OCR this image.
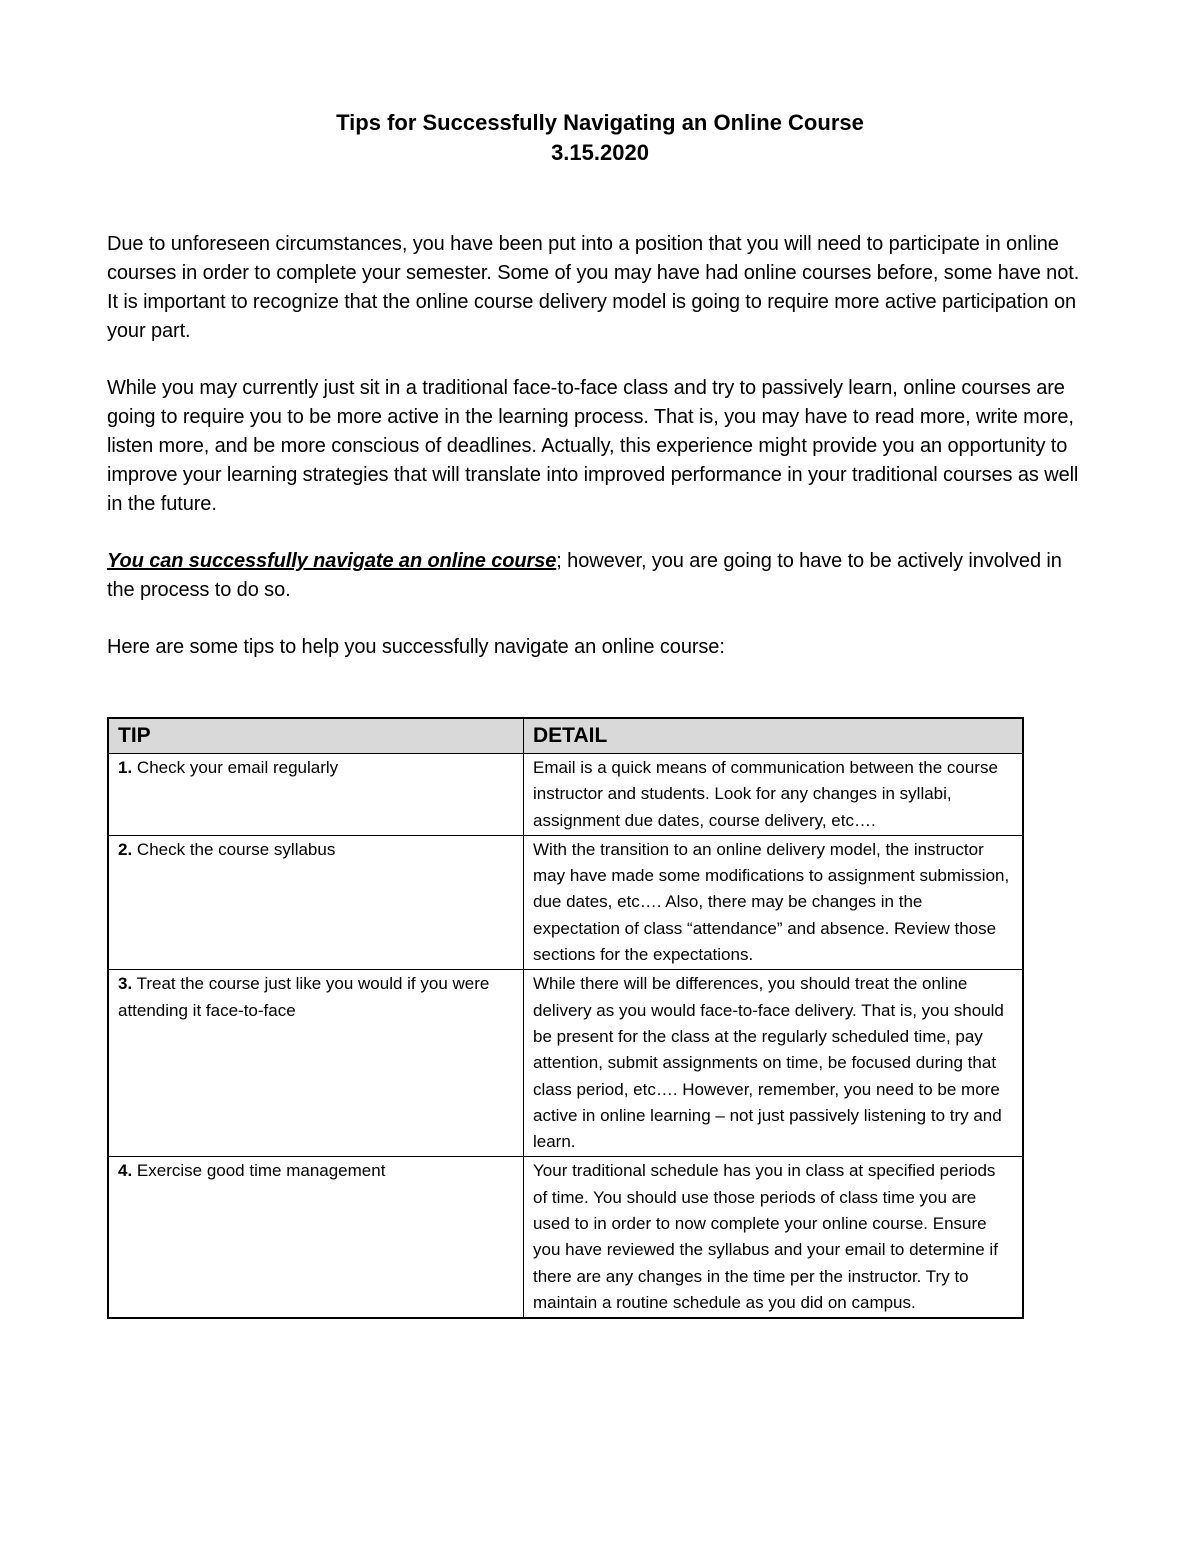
Tips for Successfully Navigating an Online Course

3.15.2020

Due to unforeseen circumstances, you have been put into a position that you will need to participate in online courses in order to complete your semester. Some of you may have had online courses before, some have not. It is important to recognize that the online course delivery model is going to require more active participation on your part.

While you may currently just sit in a traditional face-to-face class and try to passively learn, online courses are going to require you to be more active in the learning process. That is, you may have to read more, write more, listen more, and be more conscious of deadlines. Actually, this experience might provide you an opportunity to improve your learning strategies that will translate into improved performance in your traditional courses as well in the future.

You can successfully navigate an online course; however, you are going to have to be actively involved in the process to do so.

Here are some tips to help you successfully navigate an online course:

TIP	DETAIL
1. Check your email regularly	Email is a quick means of communication between the course instructor and students. Look for any changes in syllabi, assignment due dates, course delivery, etc….
2. Check the course syllabus	With the transition to an online delivery model, the instructor may have made some modifications to assignment submission, due dates, etc…. Also, there may be changes in the expectation of class “attendance” and absence. Review those sections for the expectations.
3. Treat the course just like you would if you were attending it face-to-face	While there will be differences, you should treat the online delivery as you would face-to-face delivery. That is, you should be present for the class at the regularly scheduled time, pay attention, submit assignments on time, be focused during that class period, etc…. However, remember, you need to be more active in online learning – not just passively listening to try and learn.
4. Exercise good time management	Your traditional schedule has you in class at specified periods of time. You should use those periods of class time you are used to in order to now complete your online course. Ensure you have reviewed the syllabus and your email to determine if there are any changes in the time per the instructor. Try to maintain a routine schedule as you did on campus.
